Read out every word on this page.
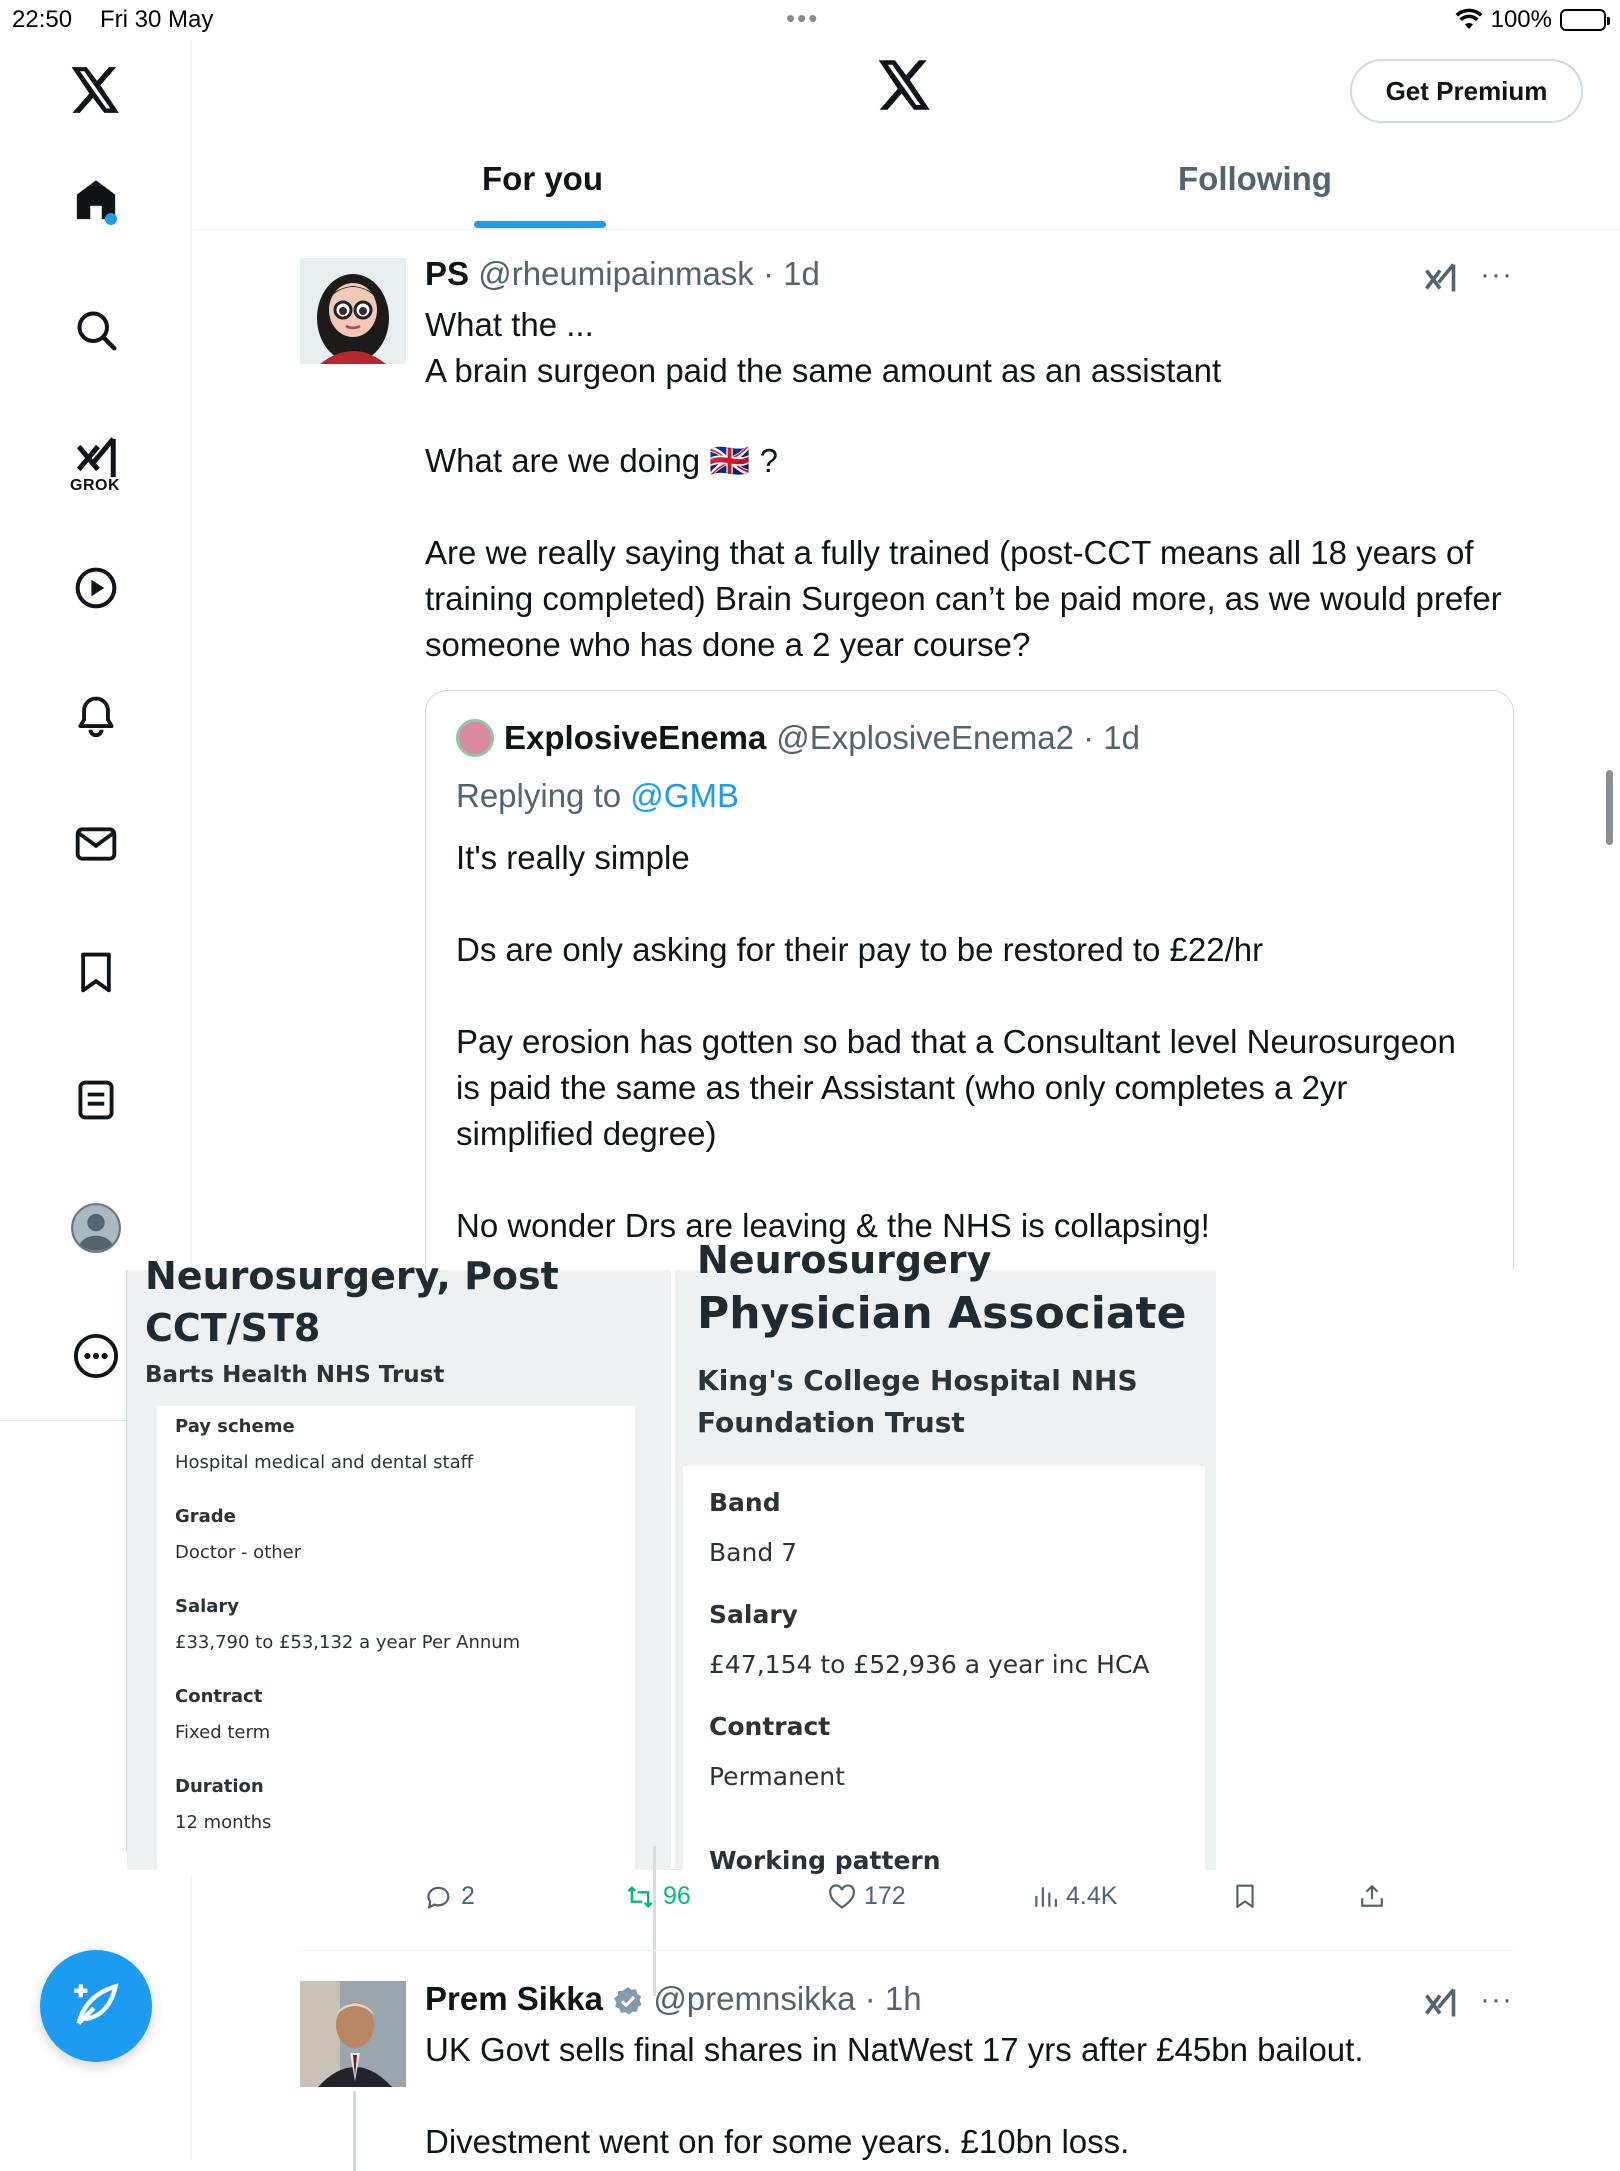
22:50 Fri 30 May	•••	100%
GROK
Get Premium
For you	Following
PS @rheumipainmask · 1d	···

What the ...

A brain surgeon paid the same amount as an assistant

What are we doing 🇬🇧 ?

Are we really saying that a fully trained (post-CCT means all 18 years of training completed) Brain Surgeon can’t be paid more, as we would prefer someone who has done a 2 year course?

ExplosiveEnema @ExplosiveEnema2 · 1d
Replying to @GMB

It's really simple

Ds are only asking for their pay to be restored to £22/hr

Pay erosion has gotten so bad that a Consultant level Neurosurgeon is paid the same as their Assistant (who only completes a 2yr simplified degree)

No wonder Drs are leaving & the NHS is collapsing!

Neurosurgery, Post
CCT/ST8
Barts Health NHS Trust
Pay scheme
Hospital medical and dental staff
Grade
Doctor - other
Salary
£33,790 to £53,132 a year Per Annum
Contract
Fixed term
Duration
12 months
Neurosurgery
Physician Associate
King's College Hospital NHS
Foundation Trust
Band
Band 7
Salary
£47,154 to £52,936 a year inc HCA
Contract
Permanent
Working pattern
2	96	172	4.4K
Prem Sikka @premnsikka · 1h	···

UK Govt sells final shares in NatWest 17 yrs after £45bn bailout.

Divestment went on for some years. £10bn loss.
